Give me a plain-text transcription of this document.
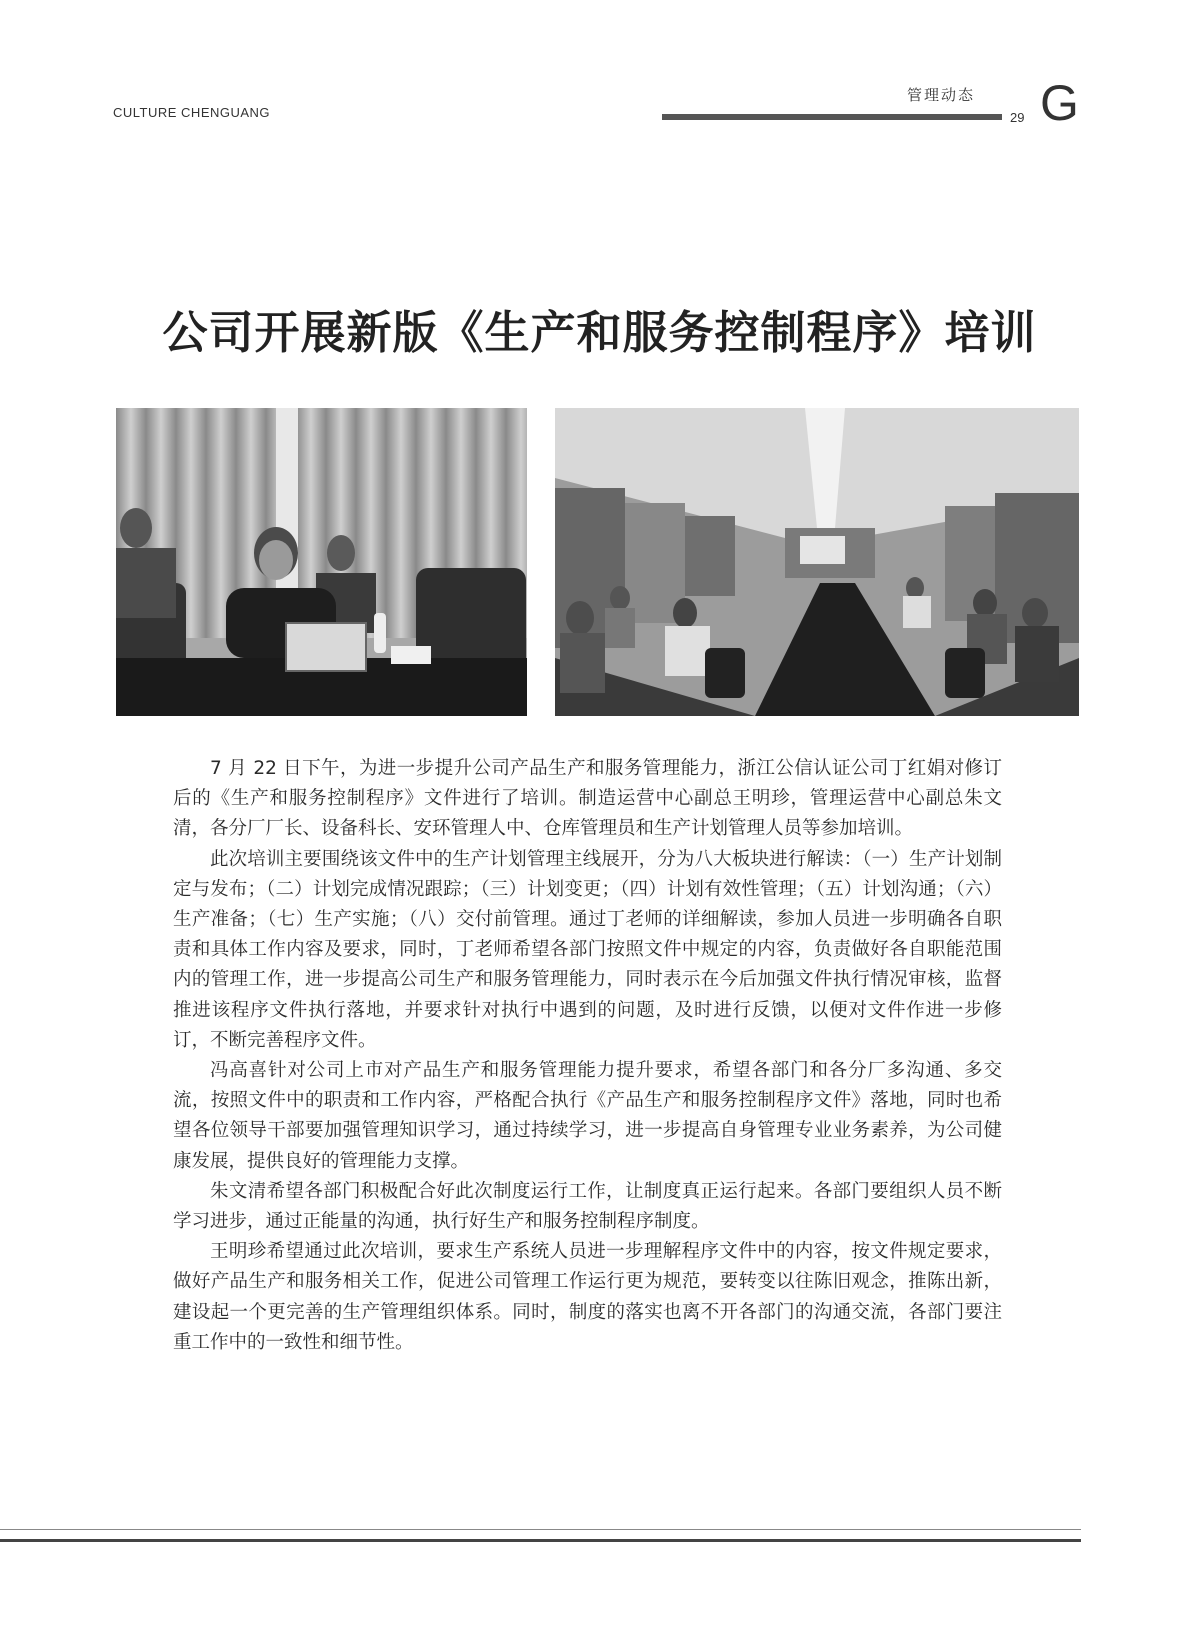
CULTURE CHENGUANG
管理动态
29 G
公司开展新版《生产和服务控制程序》培训

7 月 22 日下午，为进一步提升公司产品生产和服务管理能力，浙江公信认证公司丁红娟对修订后的《生产和服务控制程序》文件进行了培训。制造运营中心副总王明珍，管理运营中心副总朱文清，各分厂厂长、设备科长、安环管理人中、仓库管理员和生产计划管理人员等参加培训。

此次培训主要围绕该文件中的生产计划管理主线展开，分为八大板块进行解读：（一）生产计划制定与发布；（二）计划完成情况跟踪；（三）计划变更；（四）计划有效性管理；（五）计划沟通；（六）生产准备；（七）生产实施；（八）交付前管理。通过丁老师的详细解读，参加人员进一步明确各自职责和具体工作内容及要求，同时，丁老师希望各部门按照文件中规定的内容，负责做好各自职能范围内的管理工作，进一步提高公司生产和服务管理能力，同时表示在今后加强文件执行情况审核，监督推进该程序文件执行落地，并要求针对执行中遇到的问题，及时进行反馈，以便对文件作进一步修订，不断完善程序文件。

冯高喜针对公司上市对产品生产和服务管理能力提升要求，希望各部门和各分厂多沟通、多交流，按照文件中的职责和工作内容，严格配合执行《产品生产和服务控制程序文件》落地，同时也希望各位领导干部要加强管理知识学习，通过持续学习，进一步提高自身管理专业业务素养，为公司健康发展，提供良好的管理能力支撑。

朱文清希望各部门积极配合好此次制度运行工作，让制度真正运行起来。各部门要组织人员不断学习进步，通过正能量的沟通，执行好生产和服务控制程序制度。

王明珍希望通过此次培训，要求生产系统人员进一步理解程序文件中的内容，按文件规定要求，做好产品生产和服务相关工作，促进公司管理工作运行更为规范，要转变以往陈旧观念，推陈出新，建设起一个更完善的生产管理组织体系。同时，制度的落实也离不开各部门的沟通交流，各部门要注重工作中的一致性和细节性。
